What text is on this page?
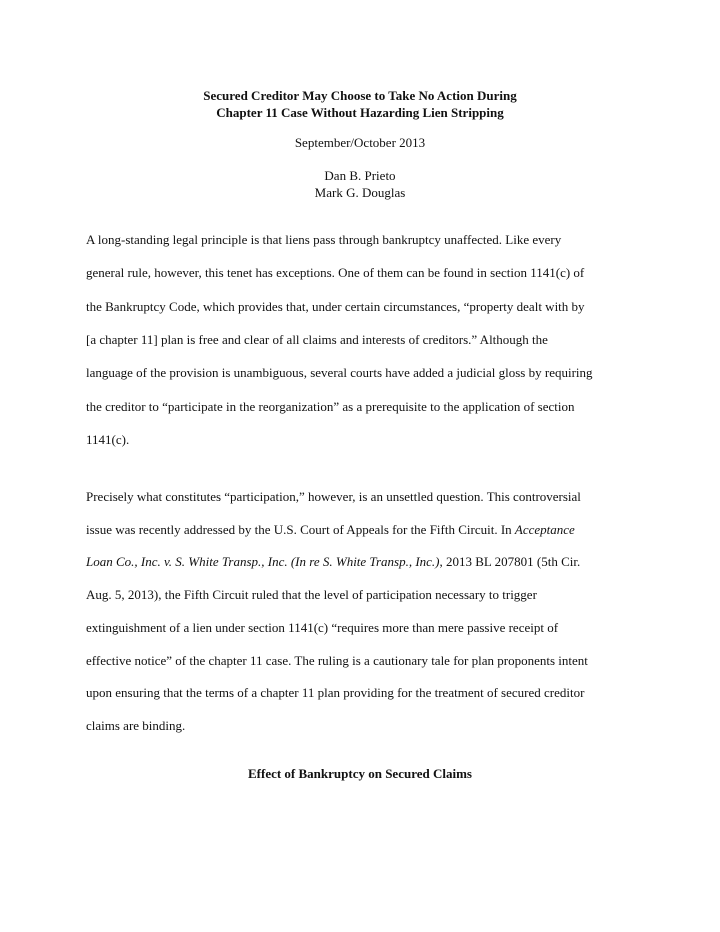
Secured Creditor May Choose to Take No Action During

Chapter 11 Case Without Hazarding Lien Stripping

September/October 2013

Dan B. Prieto

Mark G. Douglas

A long-standing legal principle is that liens pass through bankruptcy unaffected. Like every

general rule, however, this tenet has exceptions. One of them can be found in section 1141(c) of

the Bankruptcy Code, which provides that, under certain circumstances, “property dealt with by

[a chapter 11] plan is free and clear of all claims and interests of creditors.” Although the

language of the provision is unambiguous, several courts have added a judicial gloss by requiring

the creditor to “participate in the reorganization” as a prerequisite to the application of section

1141(c).

Precisely what constitutes “participation,” however, is an unsettled question. This controversial

issue was recently addressed by the U.S. Court of Appeals for the Fifth Circuit. In Acceptance

Loan Co., Inc. v. S. White Transp., Inc. (In re S. White Transp., Inc.), 2013 BL 207801 (5th Cir.

Aug. 5, 2013), the Fifth Circuit ruled that the level of participation necessary to trigger

extinguishment of a lien under section 1141(c) “requires more than mere passive receipt of

effective notice” of the chapter 11 case. The ruling is a cautionary tale for plan proponents intent

upon ensuring that the terms of a chapter 11 plan providing for the treatment of secured creditor

claims are binding.

Effect of Bankruptcy on Secured Claims
